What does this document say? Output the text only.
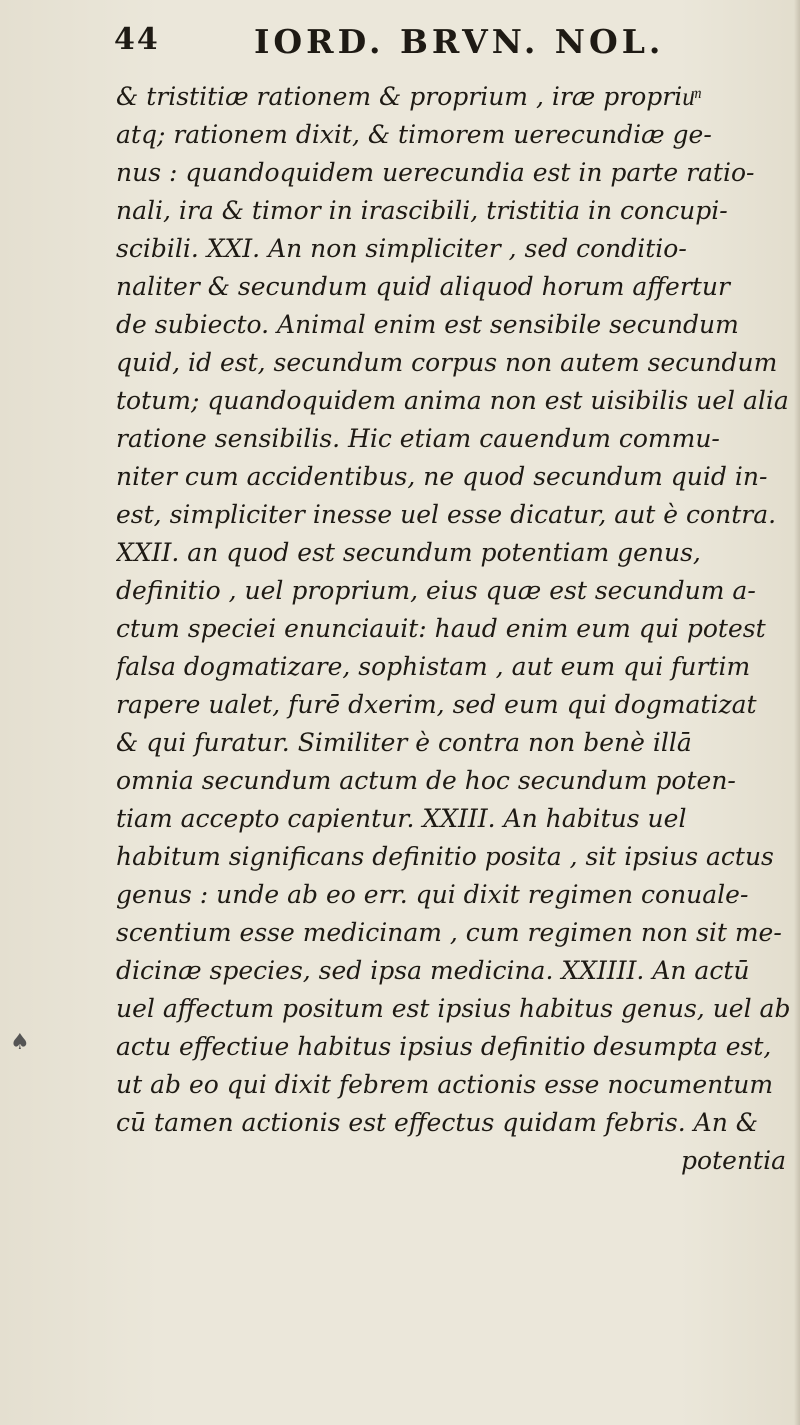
44	IORD. BRVN. NOL.
& tristitiæ rationem & proprium , iræ propriuͫ
atq; rationem dixit, & timorem uerecundiæ ge-
nus : quandoquidem uerecundia est in parte ratio-
nali, ira & timor in irascibili, tristitia in concupi-
scibili. XXI. An non simpliciter , sed conditio-
naliter & secundum quid aliquod horum affertur
de subiecto. Animal enim est sensibile secundum
quid, id est, secundum corpus non autem secundum
totum; quandoquidem anima non est uisibilis uel alia
ratione sensibilis. Hic etiam cauendum commu-
niter cum accidentibus, ne quod secundum quid in-
est, simpliciter inesse uel esse dicatur, aut è contra.
XXII. an quod est secundum potentiam genus,
definitio , uel proprium, eius quæ est secundum a-
ctum speciei enunciauit: haud enim eum qui potest
falsa dogmatizare, sophistam , aut eum qui furtim
rapere ualet, furē dxerim, sed eum qui dogmatizat
& qui furatur. Similiter è contra non benè illā
omnia secundum actum de hoc secundum poten-
tiam accepto capientur. XXIII. An habitus uel
habitum significans definitio posita , sit ipsius actus
genus : unde ab eo err. qui dixit regimen conuale-
scentium esse medicinam , cum regimen non sit me-
dicinæ species, sed ipsa medicina. XXIIII. An actū
uel affectum positum est ipsius habitus genus, uel ab
actu effectiue habitus ipsius definitio desumpta est,
ut ab eo qui dixit febrem actionis esse nocumentum
cū tamen actionis est effectus quidam febris. An &
potentia
♠
